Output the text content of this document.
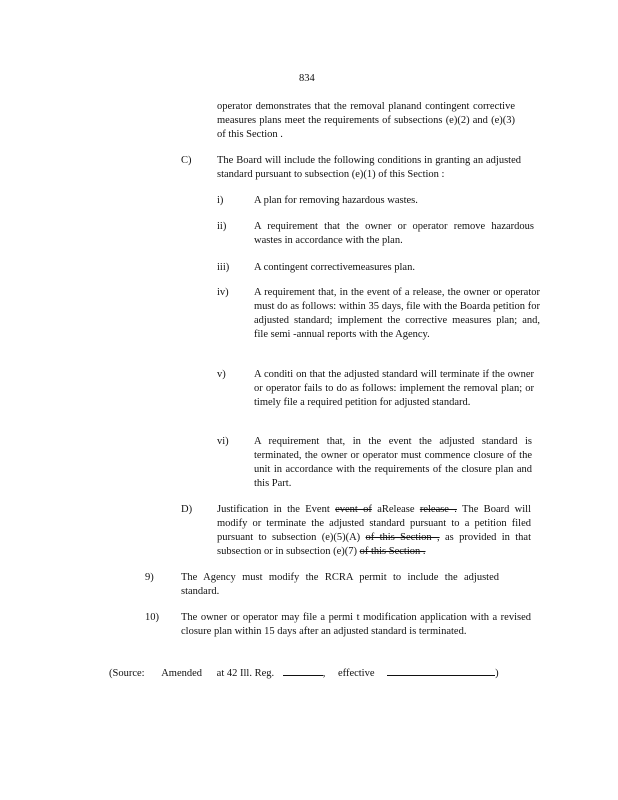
834
operator demonstrates that the removal planand contingent corrective measures plans meet the requirements of subsections (e)(2) and (e)(3) of this Section .
C) The Board will include the following conditions in granting an adjusted standard pursuant to subsection (e)(1) of this Section :
i)	A plan for removing hazardous wastes.
ii)	A requirement that the owner or operator remove hazardous wastes in accordance with the plan.
iii) A contingent correctivemeasures plan.
iv) A requirement that, in the event of a release, the owner or operator must do as follows: within 35 days, file with the Boarda petition for adjusted standard; implement the corrective measures plan; and, file semi -annual reports with the Agency.
v)	A conditi on that the adjusted standard will terminate if the owner or operator fails to do as follows: implement the removal plan; or timely file a required petition for adjusted standard.
vi) A requirement that, in the event the adjusted standard is terminated, the owner or operator must commence closure of the unit in accordance with the requirements of the closure plan and this Part.
D) Justification in the Event event of aRelease release . The Board will modify or terminate the adjusted standard pursuant to a petition filed pursuant to subsection (e)(5)(A) of this Section , as provided in that subsection or in subsection (e)(7) of this Section .
9)	The Agency must modify the RCRA permit to include the adjusted standard.
10) The owner or operator may file a permi t modification application with a revised closure plan within 15 days after an adjusted standard is terminated.
(Source: Amended at 42 Ill. Reg.	, effective	)
